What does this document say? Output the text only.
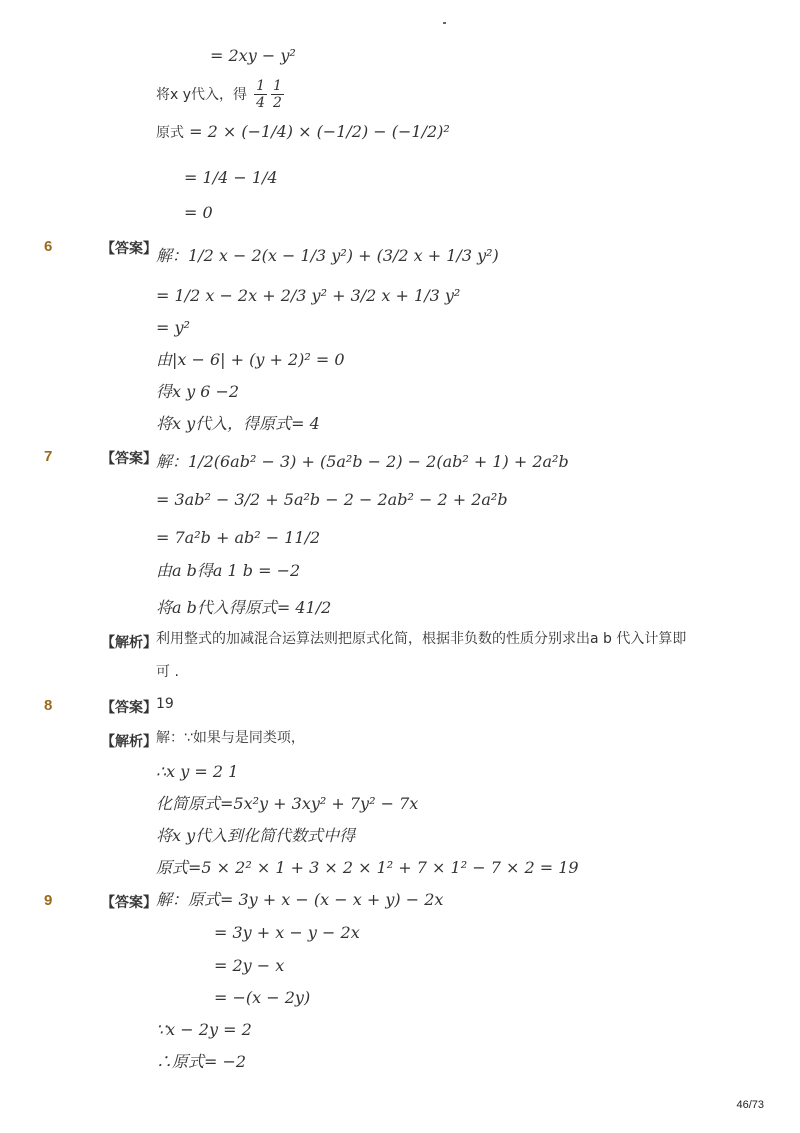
= 2xy − y²
将x y代入，得 $\frac{1}{4} \frac{1}{2}$
原式 = 2 × (−1/4) × (−1/2) − (−1/2)²
= 1/4 − 1/4
= 0
6	【答案】 解：1/2 x − 2(x − 1/3 y²) + (3/2 x + 1/3 y²)
= 1/2 x − 2x + 2/3 y² + 3/2 x + 1/3 y²
= y²
由|x − 6| + (y + 2)² = 0
得x y 6 −2
将x y代入，得原式= 4
7	【答案】 解：1/2(6ab² − 3) + (5a²b − 2) − 2(ab² + 1) + 2a²b
= 3ab² − 3/2 + 5a²b − 2 − 2ab² − 2 + 2a²b
= 7a²b + ab² − 11/2
由a b得a 1 b = −2
将a b代入得原式= 41/2
【解析】 利用整式的加减混合运算法则把原式化简，根据非负数的性质分别求出a b 代入计算即
可 .
8	【答案】 19
【解析】 解：∵如果与是同类项，
∴x y = 2 1
化简原式=5x²y + 3xy² + 7y² − 7x
将x y代入到化简代数式中得
原式=5 × 2² × 1 + 3 × 2 × 1² + 7 × 1² − 7 × 2 = 19
9	【答案】 解：原式= 3y + x − (x − x + y) − 2x
= 3y + x − y − 2x
= 2y − x
= −(x − 2y)
∵x − 2y = 2
∴原式= −2
46/73
